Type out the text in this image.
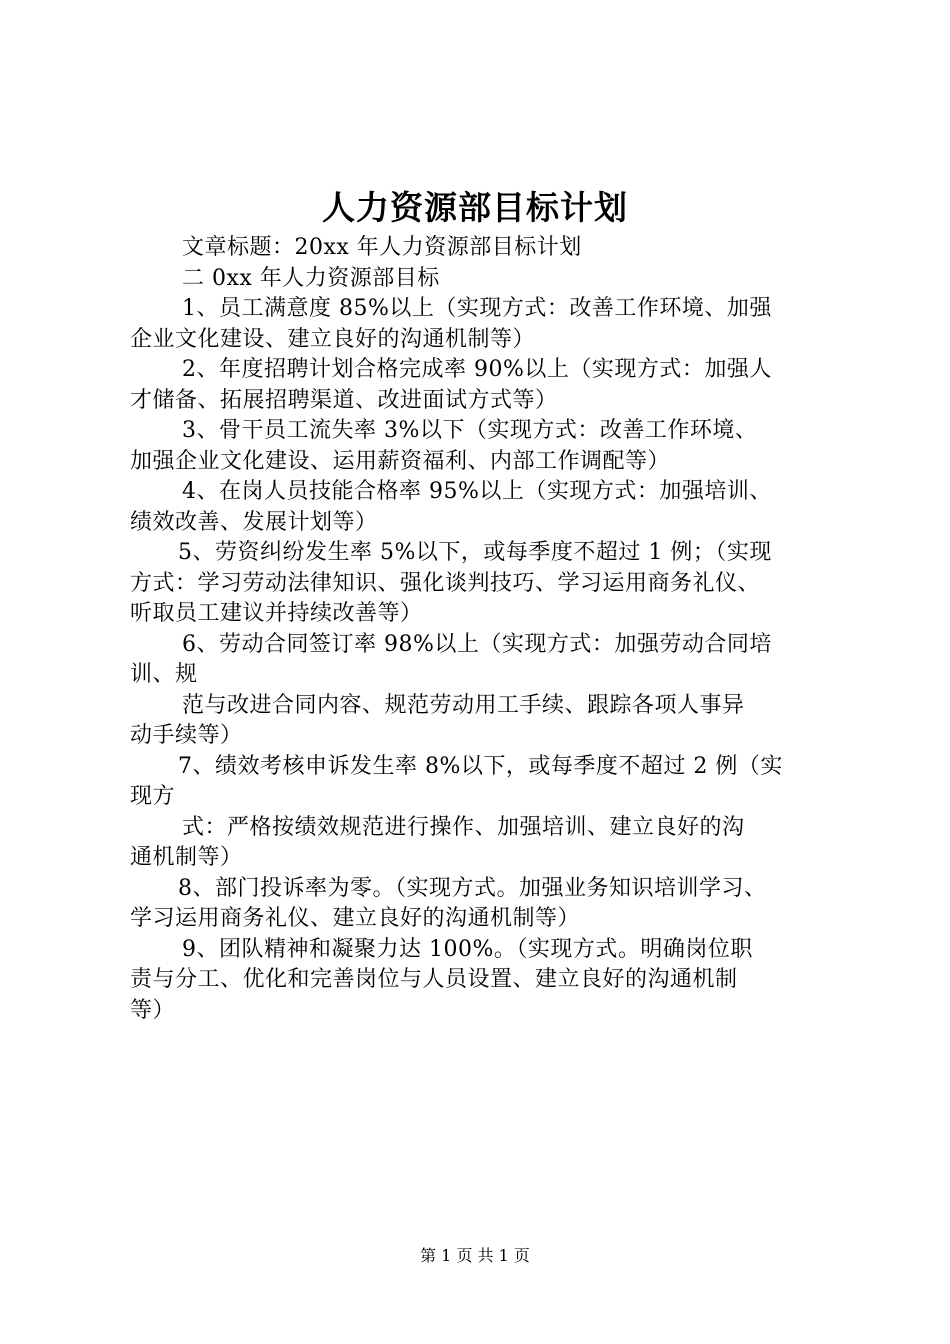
人力资源部目标计划
文章标题：20xx 年人力资源部目标计划
二 0xx 年人力资源部目标
1、员工满意度 85%以上（实现方式：改善工作环境、加强
企业文化建设、建立良好的沟通机制等）
2、年度招聘计划合格完成率 90%以上（实现方式：加强人
才储备、拓展招聘渠道、改进面试方式等）
3、骨干员工流失率 3%以下（实现方式：改善工作环境、
加强企业文化建设、运用薪资福利、内部工作调配等）
4、在岗人员技能合格率 95%以上（实现方式：加强培训、
绩效改善、发展计划等）
5、劳资纠纷发生率 5%以下，或每季度不超过 1 例；（实现
方式：学习劳动法律知识、强化谈判技巧、学习运用商务礼仪、
听取员工建议并持续改善等）
6、劳动合同签订率 98%以上（实现方式：加强劳动合同培
训、规
范与改进合同内容、规范劳动用工手续、跟踪各项人事异
动手续等）
7、绩效考核申诉发生率 8%以下，或每季度不超过 2 例（实
现方
式：严格按绩效规范进行操作、加强培训、建立良好的沟
通机制等）
8、部门投诉率为零。（实现方式。加强业务知识培训学习、
学习运用商务礼仪、建立良好的沟通机制等）
9、团队精神和凝聚力达 100%。（实现方式。明确岗位职
责与分工、优化和完善岗位与人员设置、建立良好的沟通机制
等）
第 1 页 共 1 页
